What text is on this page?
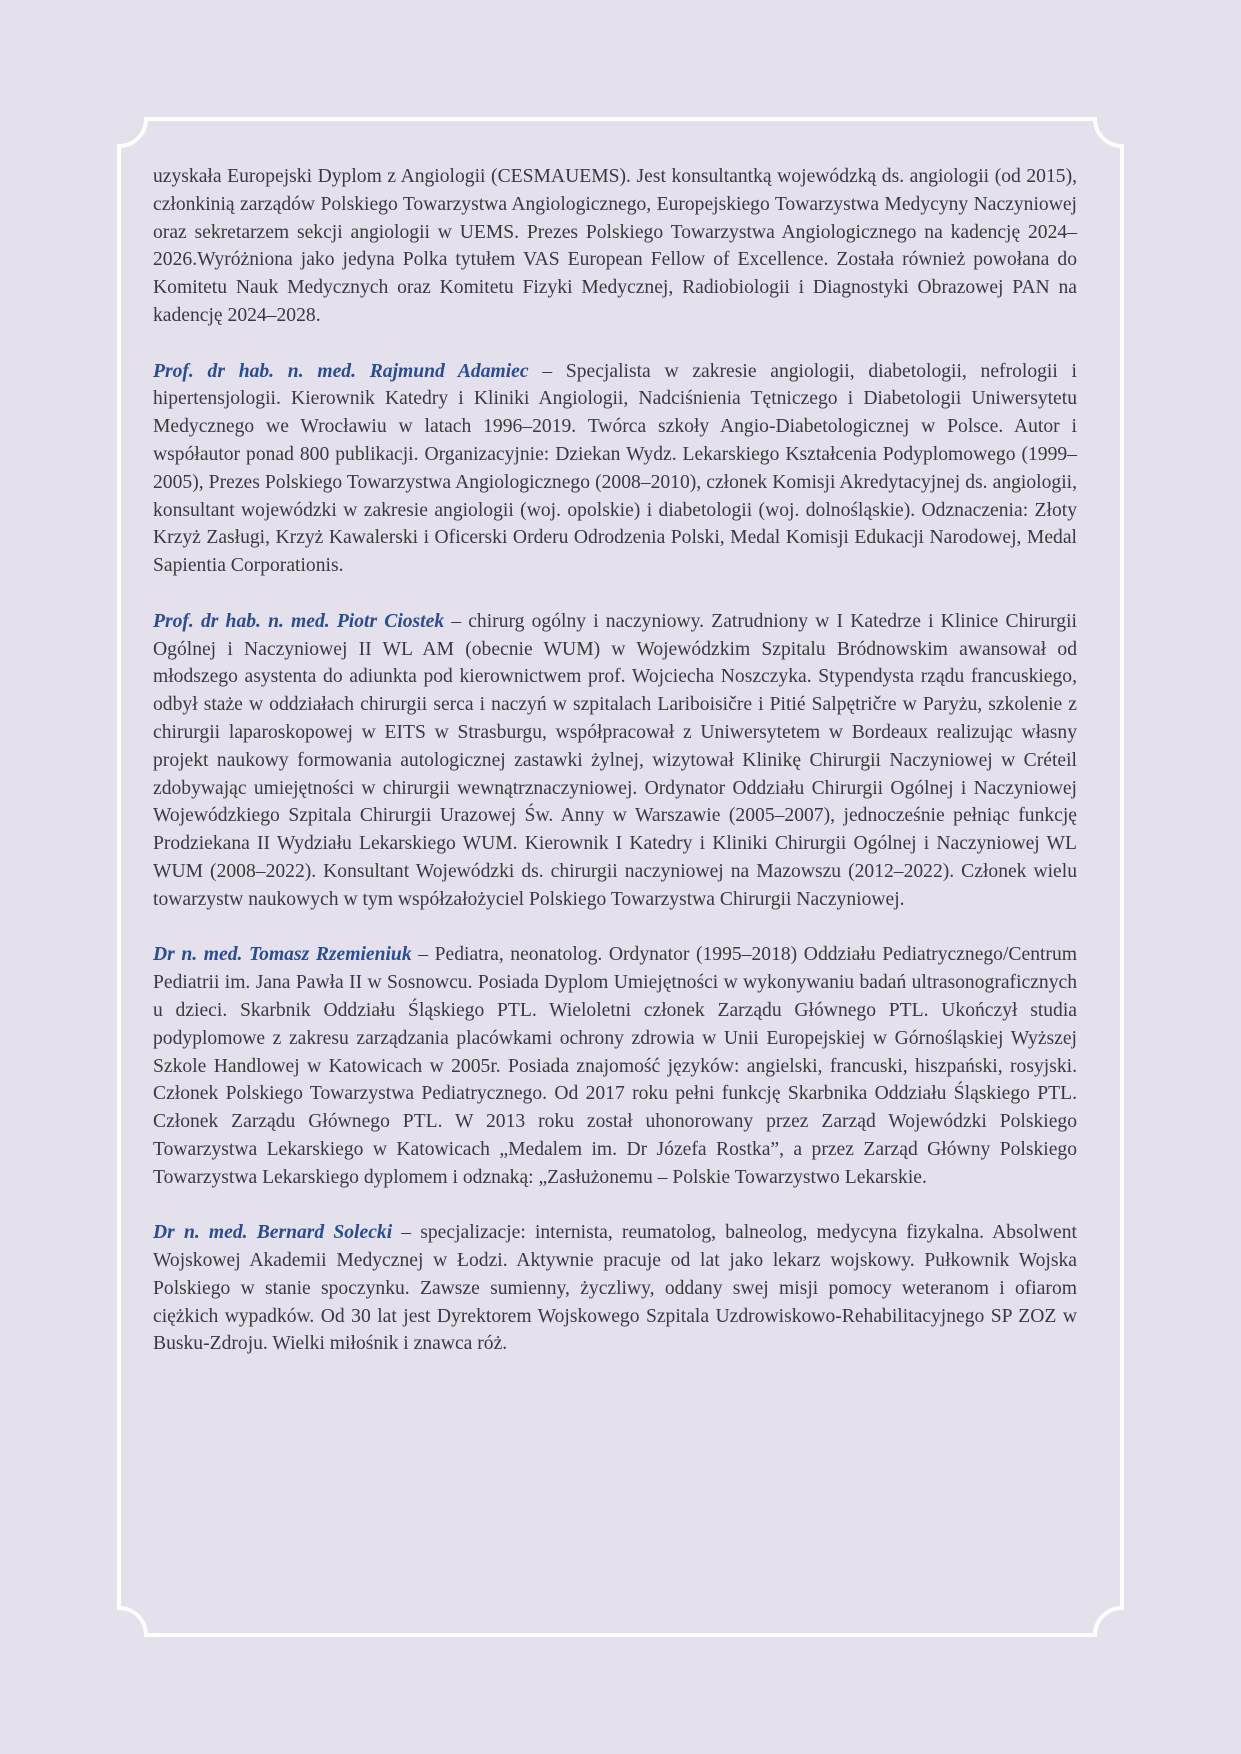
uzyskała Europejski Dyplom z Angiologii (CESMAUEMS). Jest konsultantką wojewódzką ds. angiologii (od 2015), członkinią zarządów Polskiego Towarzystwa Angiologicznego, Europejskiego Towarzystwa Medycyny Naczyniowej oraz sekretarzem sekcji angiologii w UEMS. Prezes Polskiego Towarzystwa Angiologicznego na kadencję 2024–2026.Wyróżniona jako jedyna Polka tytułem VAS European Fellow of Excellence. Została również powołana do Komitetu Nauk Medycznych oraz Komitetu Fizyki Medycznej, Radiobiologii i Diagnostyki Obrazowej PAN na kadencję 2024–2028.

Prof. dr hab. n. med. Rajmund Adamiec – Specjalista w zakresie angiologii, diabetologii, nefrologii i hipertensjologii. Kierownik Katedry i Kliniki Angiologii, Nadciśnienia Tętniczego i Diabetologii Uniwersytetu Medycznego we Wrocławiu w latach 1996–2019. Twórca szkoły Angio-Diabetologicznej w Polsce. Autor i współautor ponad 800 publikacji. Organizacyjnie: Dziekan Wydz. Lekarskiego Kształcenia Podyplomowego (1999–2005), Prezes Polskiego Towarzystwa Angiologicznego (2008–2010), członek Komisji Akredytacyjnej ds. angiologii, konsultant wojewódzki w zakresie angiologii (woj. opolskie) i diabetologii (woj. dolnośląskie). Odznaczenia: Złoty Krzyż Zasługi, Krzyż Kawalerski i Oficerski Orderu Odrodzenia Polski, Medal Komisji Edukacji Narodowej, Medal Sapientia Corporationis.

Prof. dr hab. n. med. Piotr Ciostek – chirurg ogólny i naczyniowy. Zatrudniony w I Katedrze i Klinice Chirurgii Ogólnej i Naczyniowej II WL AM (obecnie WUM) w Wojewódzkim Szpitalu Bródnowskim awansował od młodszego asystenta do adiunkta pod kierownictwem prof. Wojciecha Noszczyka. Stypendysta rządu francuskiego, odbył staże w oddziałach chirurgii serca i naczyń w szpitalach Lariboisičre i Pitié Salpętričre w Paryżu, szkolenie z chirurgii laparoskopowej w EITS w Strasburgu, współpracował z Uniwersytetem w Bordeaux realizując własny projekt naukowy formowania autologicznej zastawki żylnej, wizytował Klinikę Chirurgii Naczyniowej w Créteil zdobywając umiejętności w chirurgii wewnątrznaczyniowej. Ordynator Oddziału Chirurgii Ogólnej i Naczyniowej Wojewódzkiego Szpitala Chirurgii Urazowej Św. Anny w Warszawie (2005–2007), jednocześnie pełniąc funkcję Prodziekana II Wydziału Lekarskiego WUM. Kierownik I Katedry i Kliniki Chirurgii Ogólnej i Naczyniowej WL WUM (2008–2022). Konsultant Wojewódzki ds. chirurgii naczyniowej na Mazowszu (2012–2022). Członek wielu towarzystw naukowych w tym współzałożyciel Polskiego Towarzystwa Chirurgii Naczyniowej.

Dr n. med. Tomasz Rzemieniuk – Pediatra, neonatolog. Ordynator (1995–2018) Oddziału Pediatrycznego/Centrum Pediatrii im. Jana Pawła II w Sosnowcu. Posiada Dyplom Umiejętności w wykonywaniu badań ultrasonograficznych u dzieci. Skarbnik Oddziału Śląskiego PTL. Wieloletni członek Zarządu Głównego PTL. Ukończył studia podyplomowe z zakresu zarządzania placówkami ochrony zdrowia w Unii Europejskiej w Górnośląskiej Wyższej Szkole Handlowej w Katowicach w 2005r. Posiada znajomość języków: angielski, francuski, hiszpański, rosyjski. Członek Polskiego Towarzystwa Pediatrycznego. Od 2017 roku pełni funkcję Skarbnika Oddziału Śląskiego PTL. Członek Zarządu Głównego PTL. W 2013 roku został uhonorowany przez Zarząd Wojewódzki Polskiego Towarzystwa Lekarskiego w Katowicach „Medalem im. Dr Józefa Rostka”, a przez Zarząd Główny Polskiego Towarzystwa Lekarskiego dyplomem i odznaką: „Zasłużonemu – Polskie Towarzystwo Lekarskie.

Dr n. med. Bernard Solecki – specjalizacje: internista, reumatolog, balneolog, medycyna fizykalna. Absolwent Wojskowej Akademii Medycznej w Łodzi. Aktywnie pracuje od lat jako lekarz wojskowy. Pułkownik Wojska Polskiego w stanie spoczynku. Zawsze sumienny, życzliwy, oddany swej misji pomocy weteranom i ofiarom ciężkich wypadków. Od 30 lat jest Dyrektorem Wojskowego Szpitala Uzdrowiskowo-Rehabilitacyjnego SP ZOZ w Busku-Zdroju. Wielki miłośnik i znawca róż.
